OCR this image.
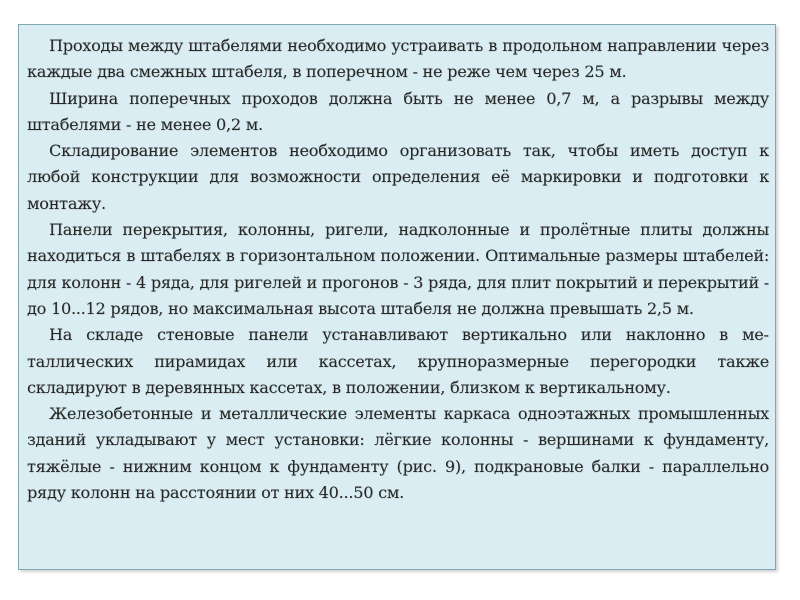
Проходы между штабелями необходимо устраивать в продольном направлении через каждые два смежных штабеля, в поперечном - не реже чем через 25 м.

Ширина поперечных проходов должна быть не менее 0,7 м, а разрывы между штабелями - не менее 0,2 м.

Складирование элементов необходимо организовать так, чтобы иметь доступ к любой конструкции для возможности определения её маркировки и подготовки к монтажу.

Панели перекрытия, колонны, ригели, надколонные и пролётные плиты должны находиться в штабелях в горизонтальном положении. Оптимальные размеры штабелей: для колонн - 4 ряда, для ригелей и прогонов - 3 ряда, для плит покрытий и перекрытий - до 10...12 рядов, но максимальная высота штабеля не должна превышать 2,5 м.

На складе стеновые панели устанавливают вертикально или наклонно в металлических пирамидах или кассетах, крупноразмерные перегородки также складируют в деревянных кассетах, в положении, близком к вертикальному.

Железобетонные и металлические элементы каркаса одноэтажных промышленных зданий укладывают у мест установки: лёгкие колонны - вершинами к фундаменту, тяжёлые - нижним концом к фундаменту (рис. 9), подкрановые балки - параллельно ряду колонн на расстоянии от них 40...50 см.
